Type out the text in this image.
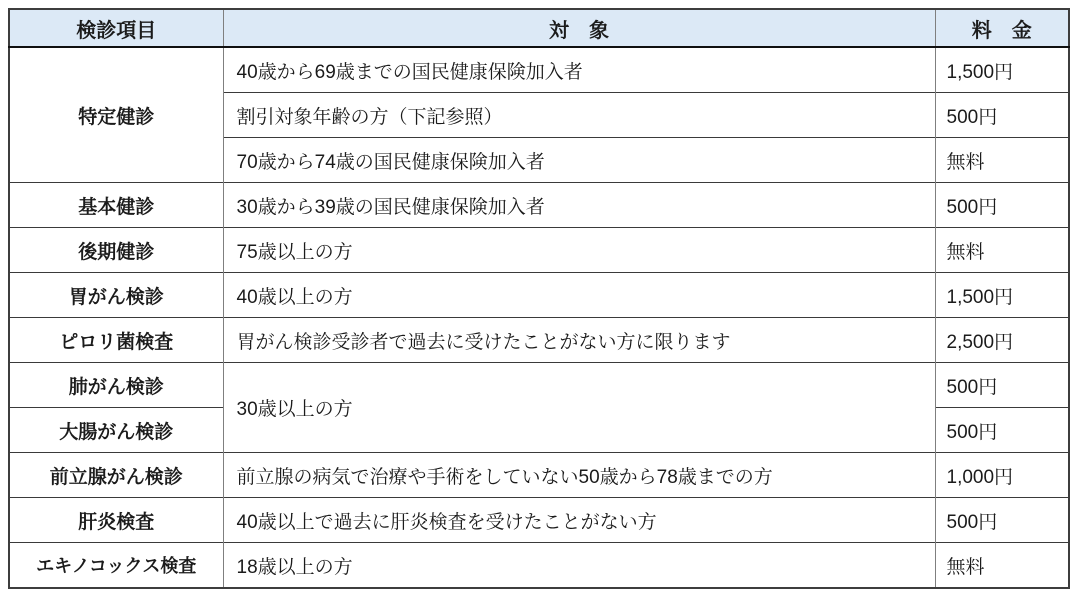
検診項目	対　象	料　金
特定健診	40歳から69歳までの国民健康保険加入者	1,500円
	割引対象年齢の方（下記参照）	500円
	70歳から74歳の国民健康保険加入者	無料
基本健診	30歳から39歳の国民健康保険加入者	500円
後期健診	75歳以上の方	無料
胃がん検診	40歳以上の方	1,500円
ピロリ菌検査	胃がん検診受診者で過去に受けたことがない方に限ります	2,500円
肺がん検診	30歳以上の方	500円
大腸がん検診		500円
前立腺がん検診	前立腺の病気で治療や手術をしていない50歳から78歳までの方	1,000円
肝炎検査	40歳以上で過去に肝炎検査を受けたことがない方	500円
エキノコックス検査	18歳以上の方	無料
